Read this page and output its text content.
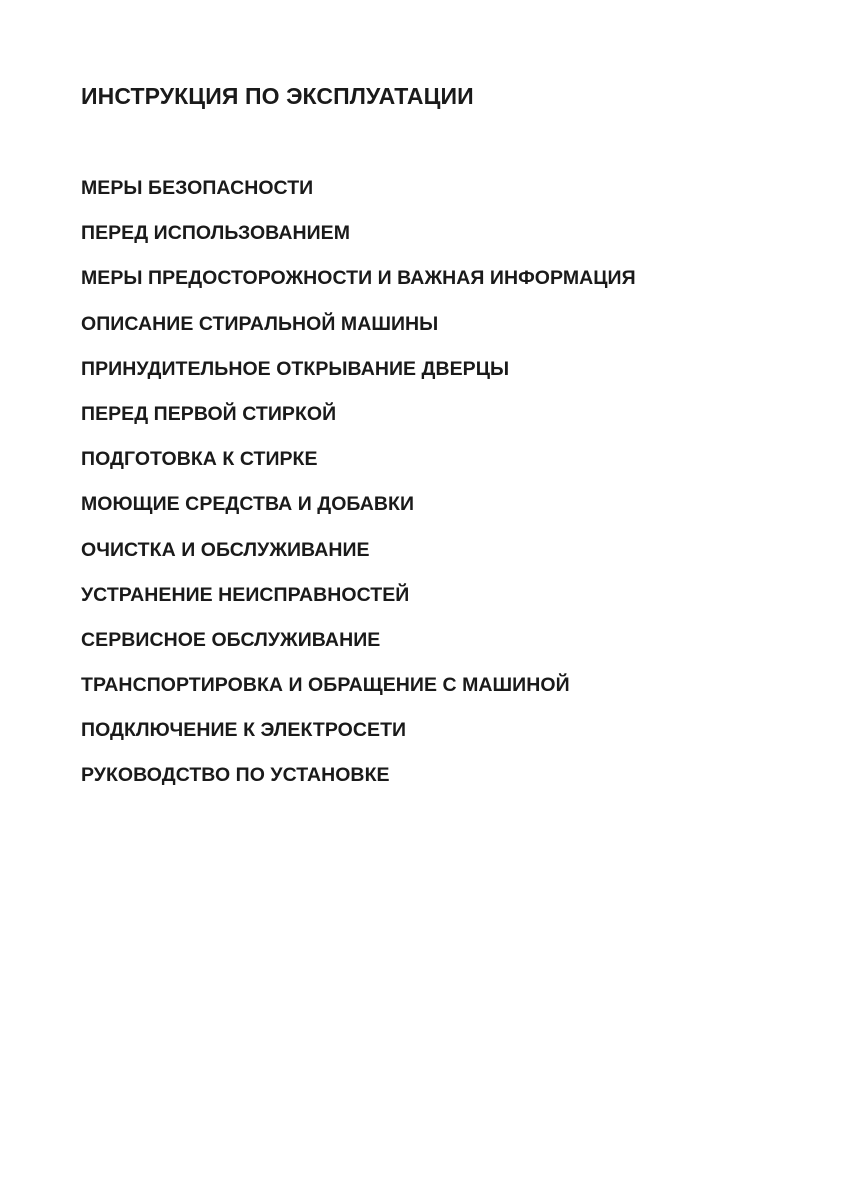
ИНСТРУКЦИЯ ПО ЭКСПЛУАТАЦИИ
МЕРЫ БЕЗОПАСНОСТИ
ПЕРЕД ИСПОЛЬЗОВАНИЕМ
МЕРЫ ПРЕДОСТОРОЖНОСТИ И ВАЖНАЯ ИНФОРМАЦИЯ
ОПИСАНИЕ СТИРАЛЬНОЙ МАШИНЫ
ПРИНУДИТЕЛЬНОЕ ОТКРЫВАНИЕ ДВЕРЦЫ
ПЕРЕД ПЕРВОЙ СТИРКОЙ
ПОДГОТОВКА К СТИРКЕ
МОЮЩИЕ СРЕДСТВА И ДОБАВКИ
ОЧИСТКА И ОБСЛУЖИВАНИЕ
УСТРАНЕНИЕ НЕИСПРАВНОСТЕЙ
СЕРВИСНОЕ ОБСЛУЖИВАНИЕ
ТРАНСПОРТИРОВКА И ОБРАЩЕНИЕ С МАШИНОЙ
ПОДКЛЮЧЕНИЕ К ЭЛЕКТРОСЕТИ
РУКОВОДСТВО ПО УСТАНОВКЕ
